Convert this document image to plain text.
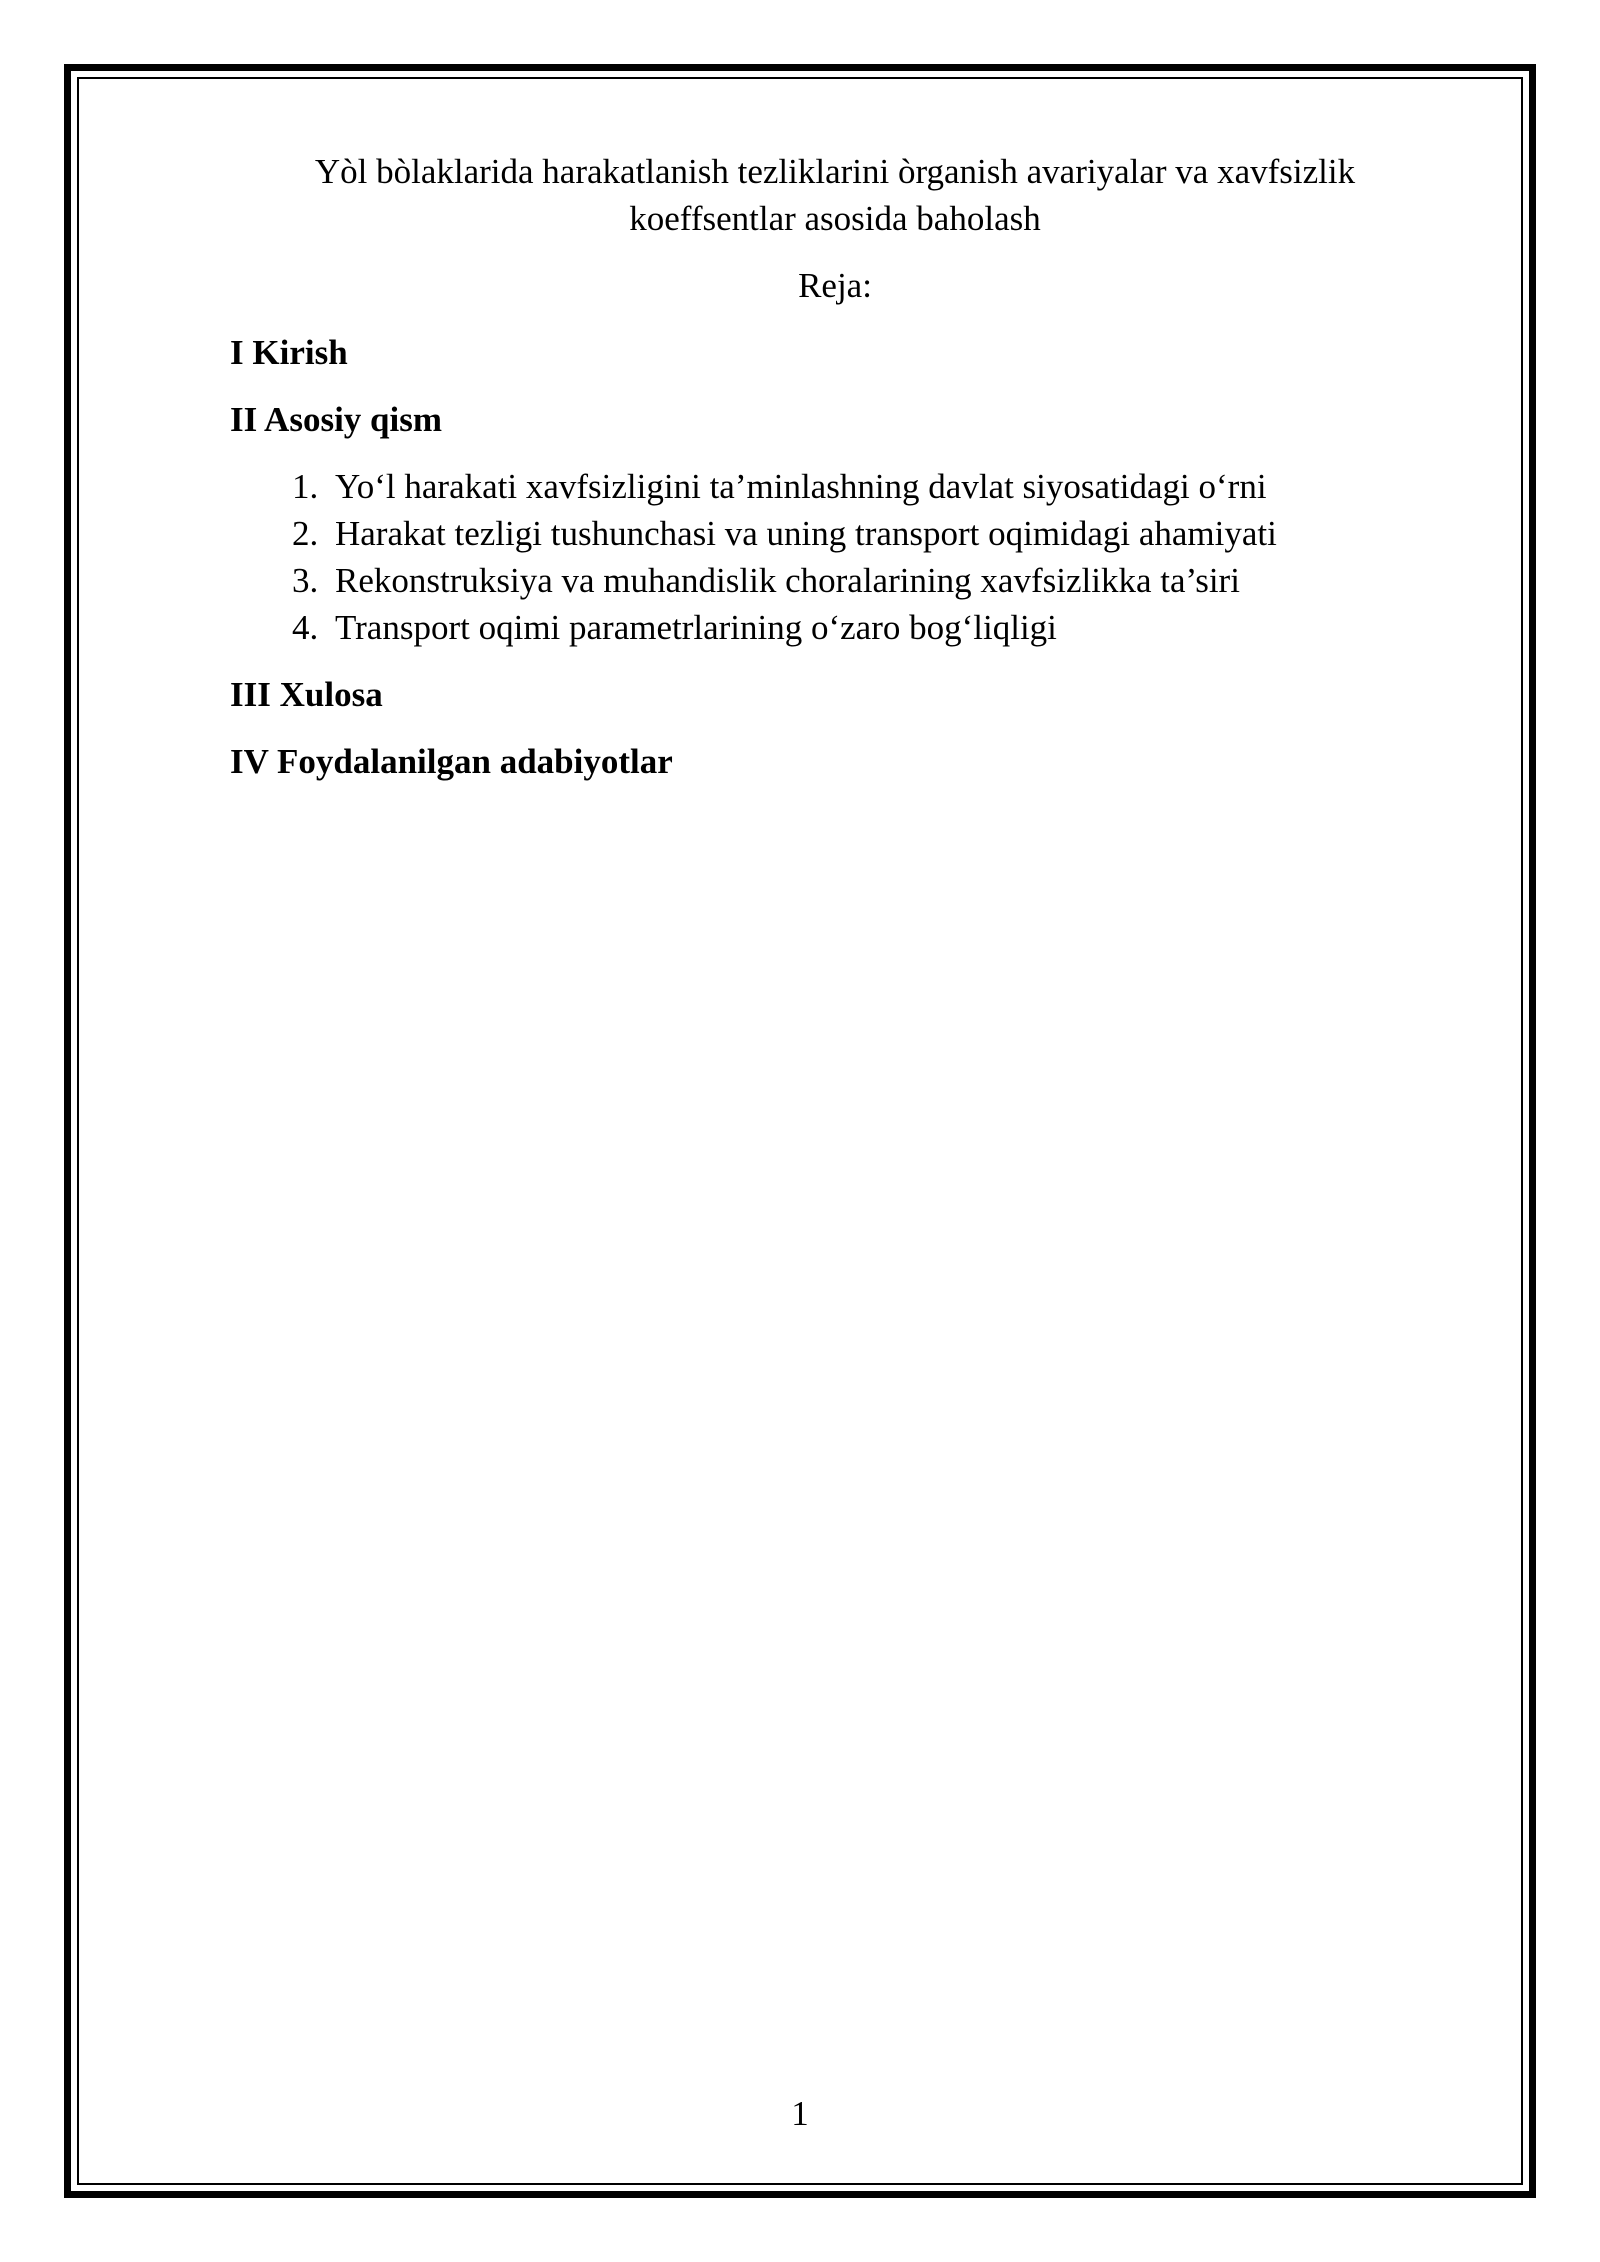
Yòl bòlaklarida harakatlanish tezliklarini òrganish avariyalar va xavfsizlik koeffsentlar asosida baholash

Reja:

I Kirish

II Asosiy qism

1. Yo‘l harakati xavfsizligini ta’minlashning davlat siyosatidagi o‘rni
2. Harakat tezligi tushunchasi va uning transport oqimidagi ahamiyati
3. Rekonstruksiya va muhandislik choralarining xavfsizlikka ta’siri
4. Transport oqimi parametrlarining o‘zaro bog‘liqligi

III Xulosa

IV Foydalanilgan adabiyotlar

1
